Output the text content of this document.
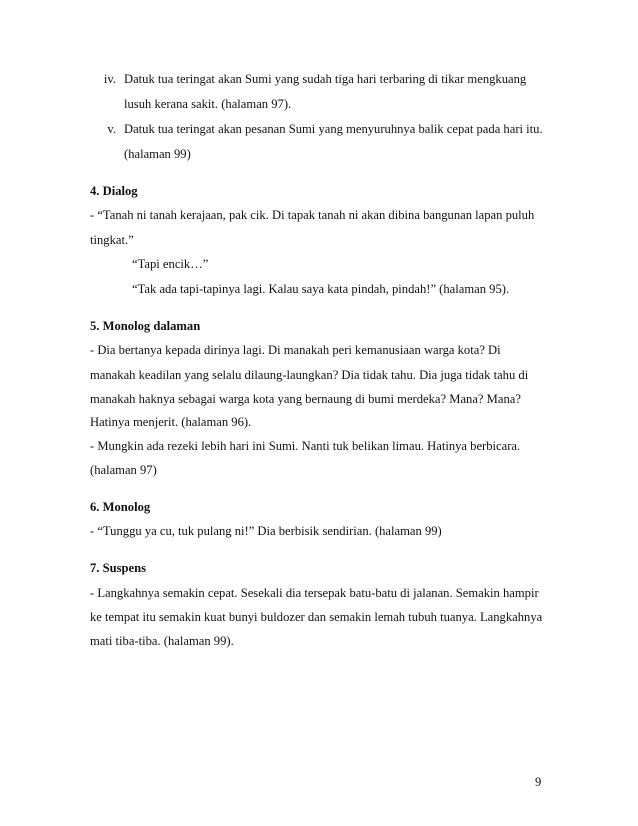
iv. Datuk tua teringat akan Sumi yang sudah tiga hari terbaring di tikar mengkuang
lusuh kerana sakit. (halaman 97).
v. Datuk tua teringat akan pesanan Sumi yang menyuruhnya balik cepat pada hari itu.
(halaman 99)
4. Dialog
- “Tanah ni tanah kerajaan, pak cik. Di tapak tanah ni akan dibina bangunan lapan puluh
tingkat.”
“Tapi encik…”
“Tak ada tapi-tapinya lagi. Kalau saya kata pindah, pindah!” (halaman 95).
5. Monolog dalaman
- Dia bertanya kepada dirinya lagi. Di manakah peri kemanusiaan warga kota? Di
manakah keadilan yang selalu dilaung-laungkan? Dia tidak tahu. Dia juga tidak tahu di
manakah haknya sebagai warga kota yang bernaung di bumi merdeka? Mana? Mana?
Hatinya menjerit. (halaman 96).
- Mungkin ada rezeki lebih hari ini Sumi. Nanti tuk belikan limau. Hatinya berbicara.
(halaman 97)
6. Monolog
- “Tunggu ya cu, tuk pulang ni!” Dia berbisik sendirian. (halaman 99)
7. Suspens
- Langkahnya semakin cepat. Sesekali dia tersepak batu-batu di jalanan. Semakin hampir
ke tempat itu semakin kuat bunyi buldozer dan semakin lemah tubuh tuanya. Langkahnya
mati tiba-tiba. (halaman 99).
9
